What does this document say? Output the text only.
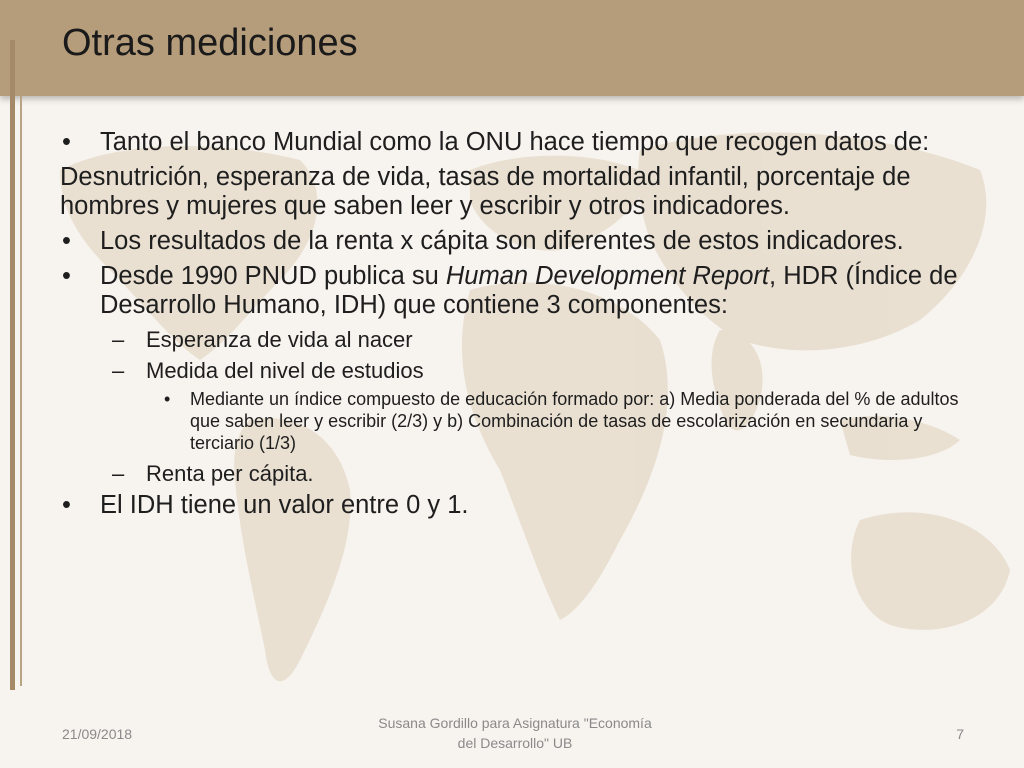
Otras mediciones
• Tanto el banco Mundial como la ONU hace tiempo que recogen datos de:
Desnutrición, esperanza de vida, tasas de mortalidad infantil, porcentaje de hombres y mujeres que saben leer y escribir y otros indicadores.
• Los resultados de la renta x cápita son diferentes de estos indicadores.
• Desde 1990 PNUD publica su Human Development Report, HDR (Índice de Desarrollo Humano, IDH) que contiene 3 componentes:
– Esperanza de vida al nacer
– Medida del nivel de estudios
• Mediante un índice compuesto de educación formado por: a) Media ponderada del % de adultos que saben leer y escribir (2/3) y b) Combinación de tasas de escolarización en secundaria y terciario (1/3)
– Renta per cápita.
• El IDH tiene un valor entre 0 y 1.
21/09/2018
Susana Gordillo para Asignatura "Economía
del Desarrollo" UB
7
